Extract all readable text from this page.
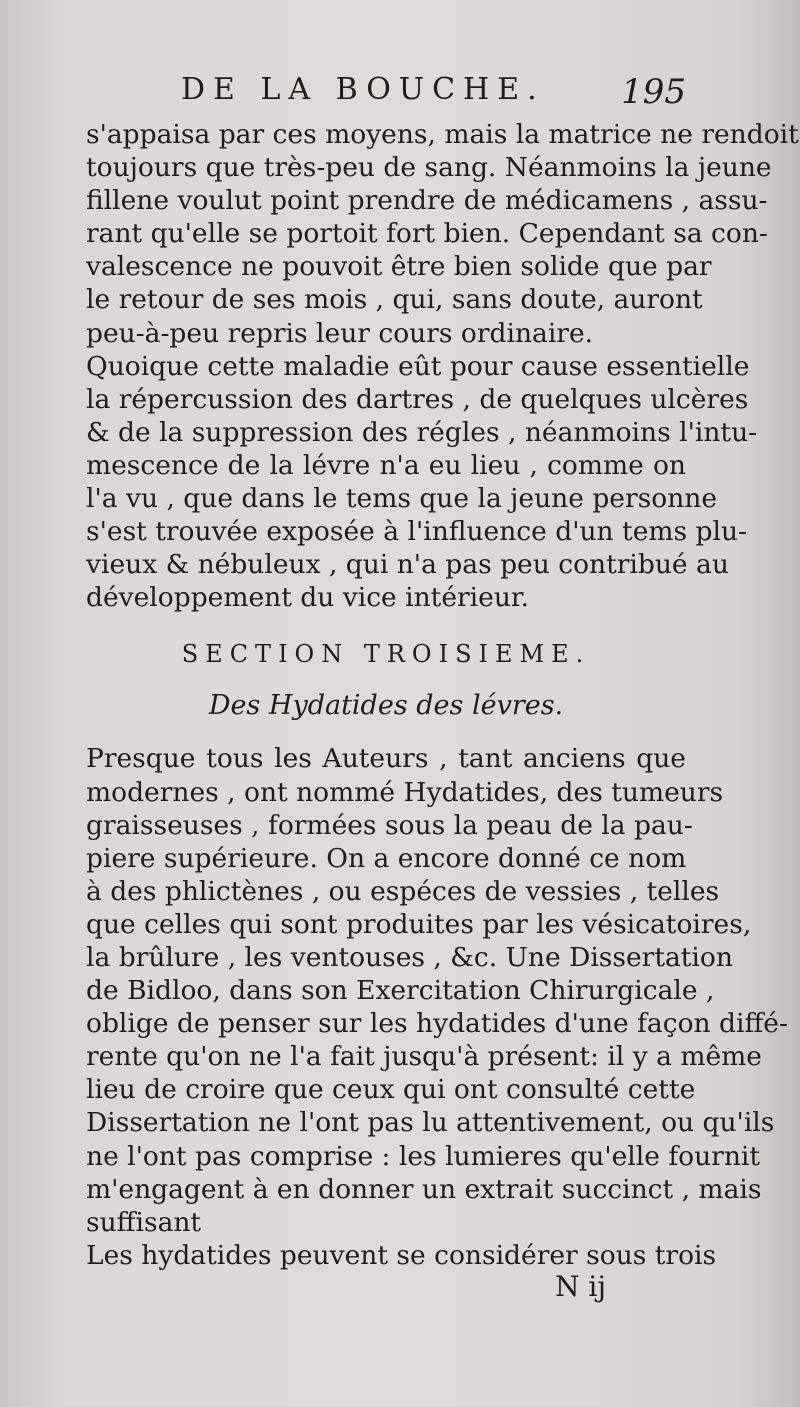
DE LA BOUCHE. 195
s'appaisa par ces moyens, mais la matrice ne rendoit
toujours que très-peu de sang. Néanmoins la jeune
fillene voulut point prendre de médicamens , assu-
rant qu'elle se portoit fort bien. Cependant sa con-
valescence ne pouvoit être bien solide que par
le retour de ses mois , qui, sans doute, auront
peu-à-peu repris leur cours ordinaire.
Quoique cette maladie eût pour cause essentielle
la répercussion des dartres , de quelques ulcères
& de la suppression des régles , néanmoins l'intu-
mescence de la lévre n'a eu lieu , comme on
l'a vu , que dans le tems que la jeune personne
s'est trouvée exposée à l'influence d'un tems plu-
vieux & nébuleux , qui n'a pas peu contribué au
développement du vice intérieur.
SECTION TROISIEME.
Des Hydatides des lévres.
Presque tous les Auteurs , tant anciens que
modernes , ont nommé Hydatides, des tumeurs
graisseuses , formées sous la peau de la pau-
piere supérieure. On a encore donné ce nom
à des phlictènes , ou espéces de vessies , telles
que celles qui sont produites par les vésicatoires,
la brûlure , les ventouses , &c. Une Dissertation
de Bidloo, dans son Exercitation Chirurgicale ,
oblige de penser sur les hydatides d'une façon diffé-
rente qu'on ne l'a fait jusqu'à présent: il y a même
lieu de croire que ceux qui ont consulté cette
Dissertation ne l'ont pas lu attentivement, ou qu'ils
ne l'ont pas comprise : les lumieres qu'elle fournit
m'engagent à en donner un extrait succinct , mais
suffisant
Les hydatides peuvent se considérer sous trois
N ij
